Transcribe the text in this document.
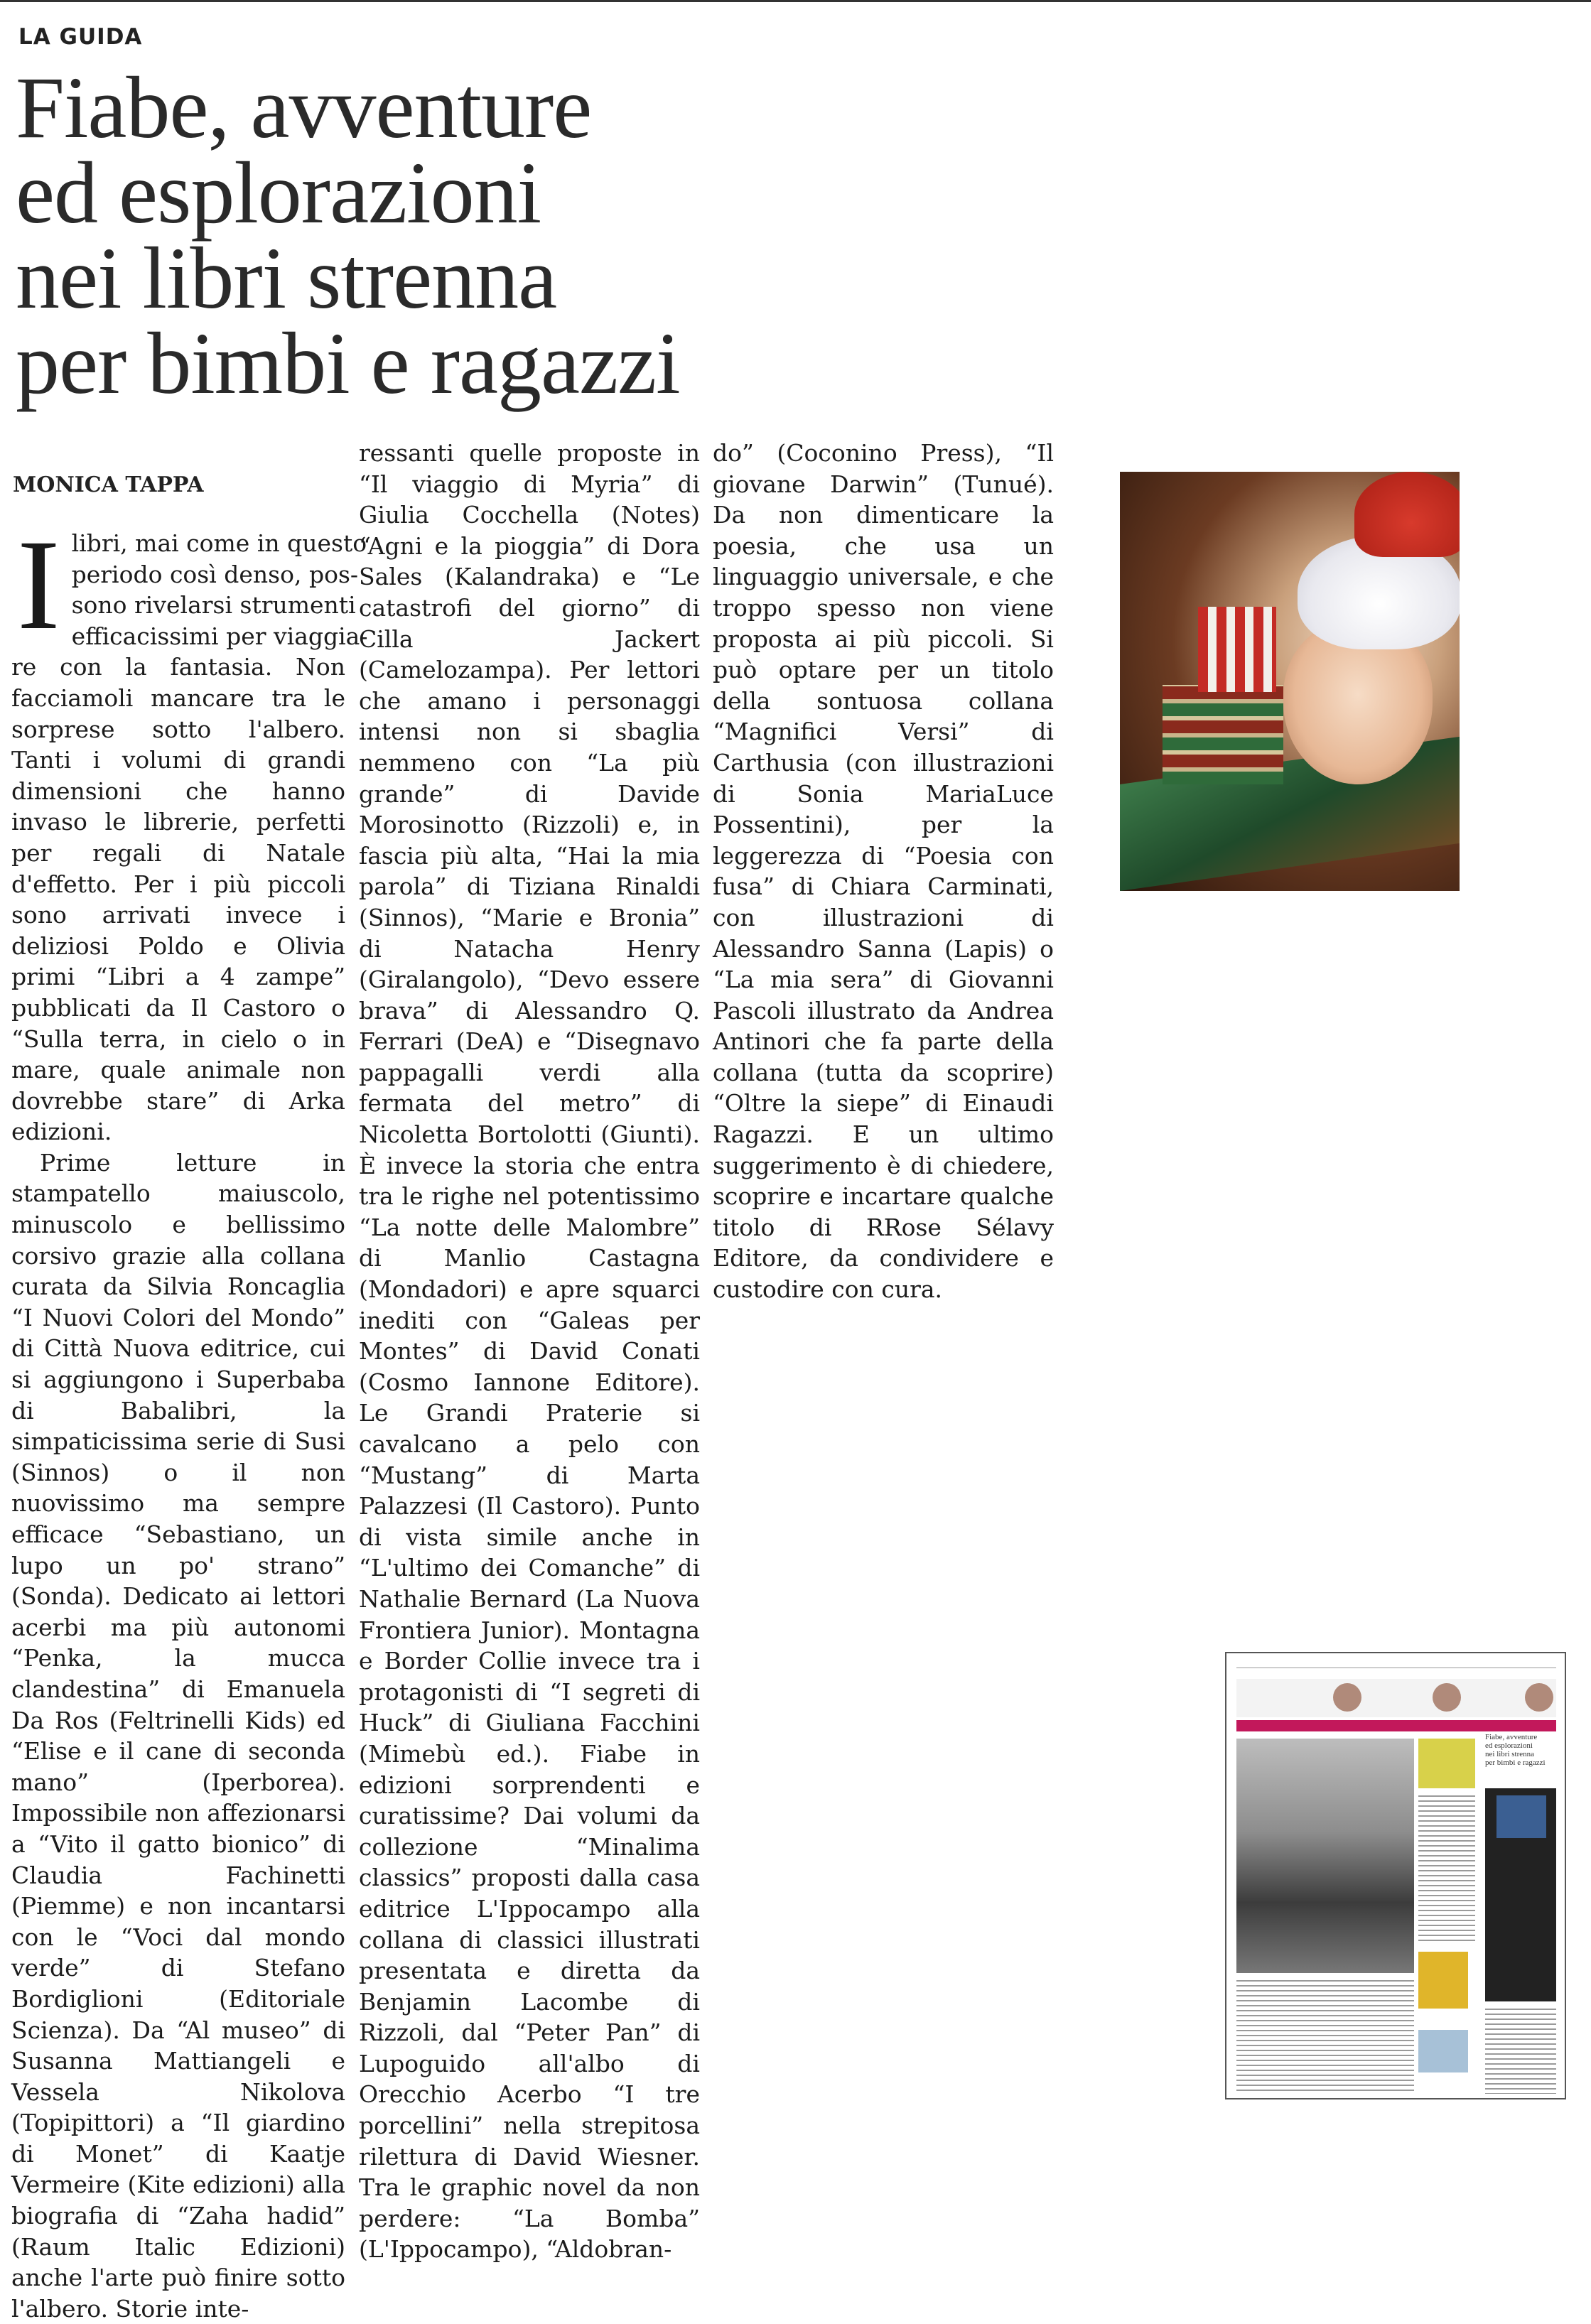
LA GUIDA
Fiabe, avventure
ed esplorazioni
nei libri strenna
per bimbi e ragazzi
MONICA TAPPA

I libri, mai come in questo
periodo così denso, pos-
sono rivelarsi strumenti
efficacissimi per viaggia-
re con la fantasia. Non facciamoli mancare tra le sorprese sotto l'albero. Tanti i volumi di grandi dimensioni che hanno invaso le librerie, perfetti per regali di Natale d'effetto. Per i più piccoli sono arrivati invece i deliziosi Poldo e Olivia primi “Libri a 4 zampe” pubblicati da Il Castoro o “Sulla terra, in cielo o in mare, quale animale non dovrebbe stare” di Arka edizioni.

Prime letture in stampatello maiuscolo, minuscolo e bellissimo corsivo grazie alla collana curata da Silvia Roncaglia “I Nuovi Colori del Mondo” di Città Nuova editrice, cui si aggiungono i Superbaba di Babalibri, la simpaticissima serie di Susi (Sinnos) o il non nuovissimo ma sempre efficace “Sebastiano, un lupo un po' strano” (Sonda). Dedicato ai lettori acerbi ma più autonomi “Penka, la mucca clandestina” di Emanuela Da Ros (Feltrinelli Kids) ed “Elise e il cane di seconda mano” (Iperborea). Impossibile non affezionarsi a “Vito il gatto bionico” di Claudia Fachinetti (Piemme) e non incantarsi con le “Voci dal mondo verde” di Stefano Bordiglioni (Editoriale Scienza). Da “Al museo” di Susanna Mattiangeli e Vessela Nikolova (Topipittori) a “Il giardino di Monet” di Kaatje Vermeire (Kite edizioni) alla biografia di “Zaha hadid” (Raum Italic Edizioni) anche l'arte può finire sotto l'albero. Storie inte-

ressanti quelle proposte in “Il viaggio di Myria” di Giulia Cocchella (Notes) “Agni e la pioggia” di Dora Sales (Kalandraka) e “Le catastrofi del giorno” di Cilla Jackert (Camelozampa). Per lettori che amano i personaggi intensi non si sbaglia nemmeno con “La più grande” di Davide Morosinotto (Rizzoli) e, in fascia più alta, “Hai la mia parola” di Tiziana Rinaldi (Sinnos), “Marie e Bronia” di Natacha Henry (Giralangolo), “Devo essere brava” di Alessandro Q. Ferrari (DeA) e “Disegnavo pappagalli verdi alla fermata del metro” di Nicoletta Bortolotti (Giunti). È invece la storia che entra tra le righe nel potentissimo “La notte delle Malombre” di Manlio Castagna (Mondadori) e apre squarci inediti con “Galeas per Montes” di David Conati (Cosmo Iannone Editore). Le Grandi Praterie si cavalcano a pelo con “Mustang” di Marta Palazzesi (Il Castoro). Punto di vista simile anche in “L'ultimo dei Comanche” di Nathalie Bernard (La Nuova Frontiera Junior). Montagna e Border Collie invece tra i protagonisti di “I segreti di Huck” di Giuliana Facchini (Mimebù ed.). Fiabe in edizioni sorprendenti e curatissime? Dai volumi da collezione “Minalima classics” proposti dalla casa editrice L'Ippocampo alla collana di classici illustrati presentata e diretta da Benjamin Lacombe di Rizzoli, dal “Peter Pan” di Lupoguido all'albo di Orecchio Acerbo “I tre porcellini” nella strepitosa rilettura di David Wiesner. Tra le graphic novel da non perdere: “La Bomba” (L'Ippocampo), “Aldobran-

do” (Coconino Press), “Il giovane Darwin” (Tunué). Da non dimenticare la poesia, che usa un linguaggio universale, e che troppo spesso non viene proposta ai più piccoli. Si può optare per un titolo della sontuosa collana “Magnifici Versi” di Carthusia (con illustrazioni di Sonia MariaLuce Possentini), per la leggerezza di “Poesia con fusa” di Chiara Carminati, con illustrazioni di Alessandro Sanna (Lapis) o “La mia sera” di Giovanni Pascoli illustrato da Andrea Antinori che fa parte della collana (tutta da scoprire) “Oltre la siepe” di Einaudi Ragazzi. E un ultimo suggerimento è di chiedere, scoprire e incartare qualche titolo di RRose Sélavy Editore, da condividere e custodire con cura.

Fiabe, avventure
ed esplorazioni
nei libri strenna
per bimbi e ragazzi
